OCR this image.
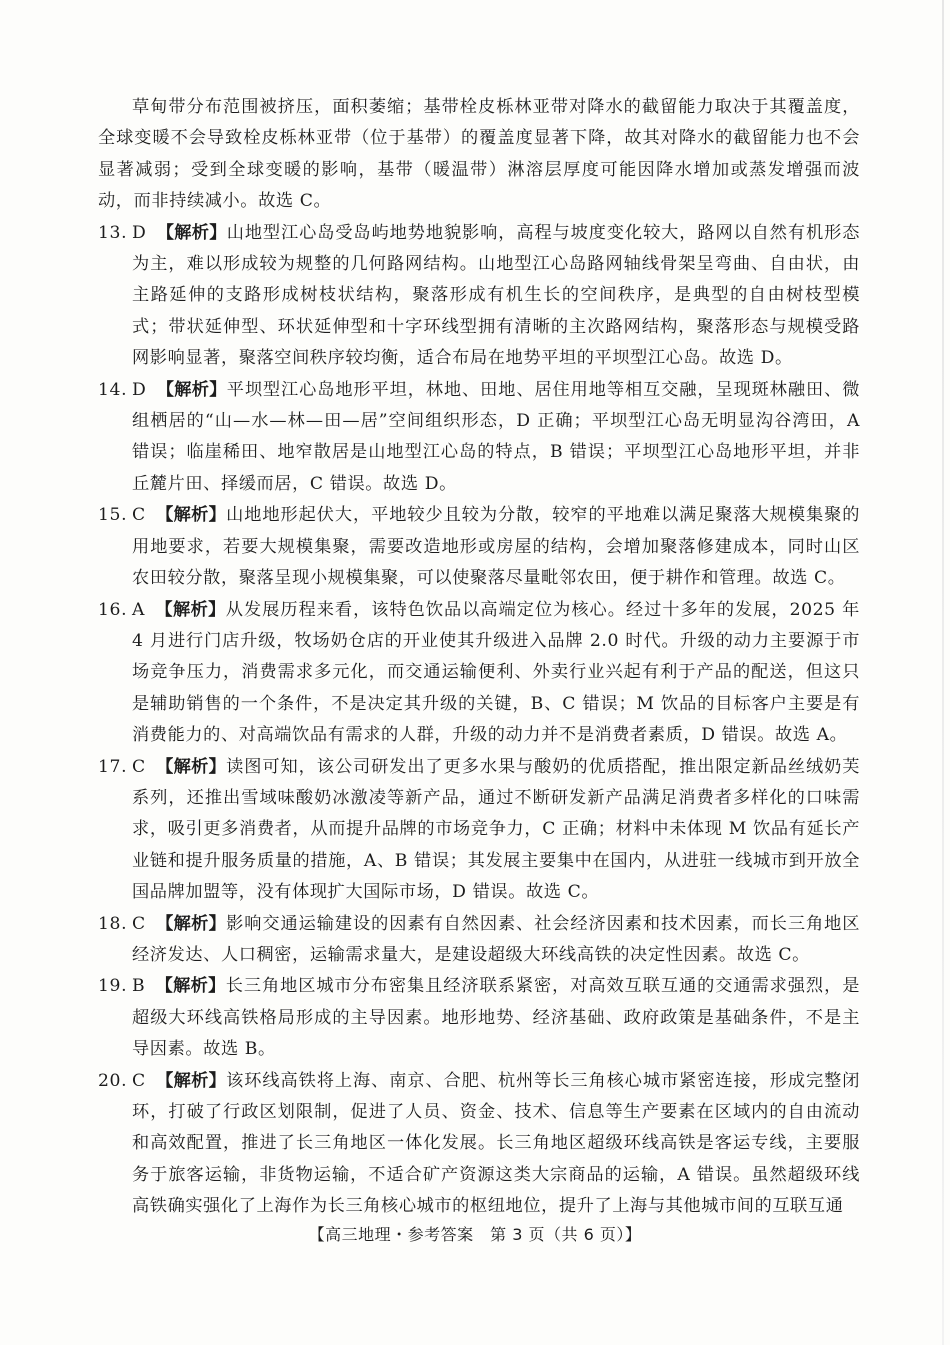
草甸带分布范围被挤压，面积萎缩；基带栓皮栎林亚带对降水的截留能力取决于其覆盖度，全球变暖不会导致栓皮栎林亚带（位于基带）的覆盖度显著下降，故其对降水的截留能力也不会显著减弱；受到全球变暖的影响，基带（暖温带）淋溶层厚度可能因降水增加或蒸发增强而波动，而非持续减小。故选 C。

13. D 【解析】山地型江心岛受岛屿地势地貌影响，高程与坡度变化较大，路网以自然有机形态为主，难以形成较为规整的几何路网结构。山地型江心岛路网轴线骨架呈弯曲、自由状，由主路延伸的支路形成树枝状结构，聚落形成有机生长的空间秩序，是典型的自由树枝型模式；带状延伸型、环状延伸型和十字环线型拥有清晰的主次路网结构，聚落形态与规模受路网影响显著，聚落空间秩序较均衡，适合布局在地势平坦的平坝型江心岛。故选 D。

14. D 【解析】平坝型江心岛地形平坦，林地、田地、居住用地等相互交融，呈现斑林融田、微组栖居的“山—水—林—田—居”空间组织形态，D 正确；平坝型江心岛无明显沟谷湾田，A 错误；临崖稀田、地窄散居是山地型江心岛的特点，B 错误；平坝型江心岛地形平坦，并非丘麓片田、择缓而居，C 错误。故选 D。

15. C 【解析】山地地形起伏大，平地较少且较为分散，较窄的平地难以满足聚落大规模集聚的用地要求，若要大规模集聚，需要改造地形或房屋的结构，会增加聚落修建成本，同时山区农田较分散，聚落呈现小规模集聚，可以使聚落尽量毗邻农田，便于耕作和管理。故选 C。

16. A 【解析】从发展历程来看，该特色饮品以高端定位为核心。经过十多年的发展，2025 年 4 月进行门店升级，牧场奶仓店的开业使其升级进入品牌 2.0 时代。升级的动力主要源于市场竞争压力，消费需求多元化，而交通运输便利、外卖行业兴起有利于产品的配送，但这只是辅助销售的一个条件，不是决定其升级的关键，B、C 错误；M 饮品的目标客户主要是有消费能力的、对高端饮品有需求的人群，升级的动力并不是消费者素质，D 错误。故选 A。

17. C 【解析】读图可知，该公司研发出了更多水果与酸奶的优质搭配，推出限定新品丝绒奶芙系列，还推出雪域味酸奶冰激凌等新产品，通过不断研发新产品满足消费者多样化的口味需求，吸引更多消费者，从而提升品牌的市场竞争力，C 正确；材料中未体现 M 饮品有延长产业链和提升服务质量的措施，A、B 错误；其发展主要集中在国内，从进驻一线城市到开放全国品牌加盟等，没有体现扩大国际市场，D 错误。故选 C。

18. C 【解析】影响交通运输建设的因素有自然因素、社会经济因素和技术因素，而长三角地区经济发达、人口稠密，运输需求量大，是建设超级大环线高铁的决定性因素。故选 C。

19. B 【解析】长三角地区城市分布密集且经济联系紧密，对高效互联互通的交通需求强烈，是超级大环线高铁格局形成的主导因素。地形地势、经济基础、政府政策是基础条件，不是主导因素。故选 B。

20. C 【解析】该环线高铁将上海、南京、合肥、杭州等长三角核心城市紧密连接，形成完整闭环，打破了行政区划限制，促进了人员、资金、技术、信息等生产要素在区域内的自由流动和高效配置，推进了长三角地区一体化发展。长三角地区超级环线高铁是客运专线，主要服务于旅客运输，非货物运输，不适合矿产资源这类大宗商品的运输，A 错误。虽然超级环线高铁确实强化了上海作为长三角核心城市的枢纽地位，提升了上海与其他城市间的互联互通

【高三地理・参考答案　第 3 页（共 6 页）】
